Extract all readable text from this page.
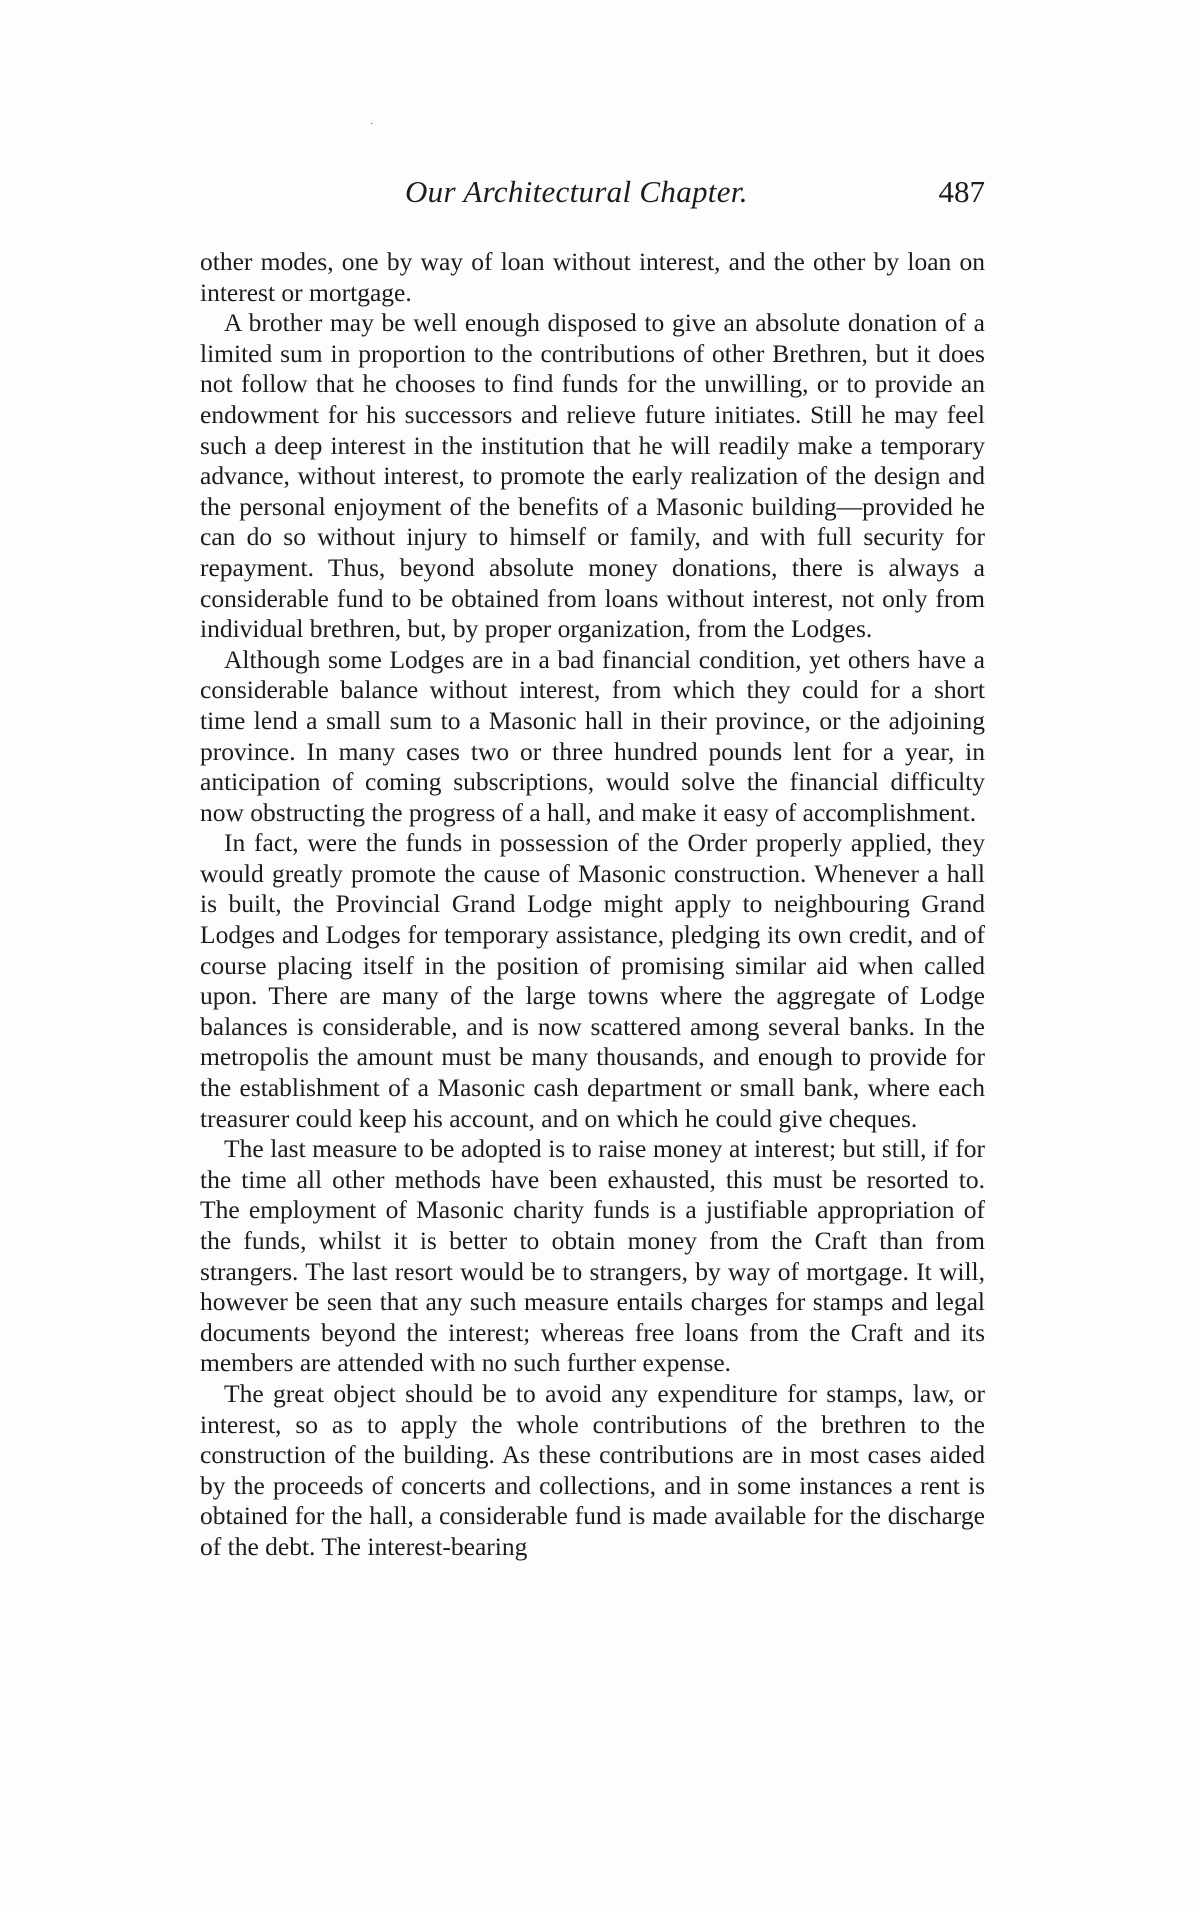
·
Our Architectural Chapter.	487

other modes, one by way of loan without interest, and the other by loan on interest or mortgage.

A brother may be well enough disposed to give an absolute donation of a limited sum in proportion to the contributions of other Brethren, but it does not follow that he chooses to find funds for the unwilling, or to provide an endowment for his successors and relieve future initiates. Still he may feel such a deep interest in the institution that he will readily make a temporary advance, without interest, to promote the early realization of the design and the personal enjoyment of the benefits of a Masonic building—provided he can do so without injury to himself or family, and with full security for repayment. Thus, beyond absolute money donations, there is always a considerable fund to be obtained from loans without interest, not only from individual brethren, but, by proper organization, from the Lodges.

Although some Lodges are in a bad financial condition, yet others have a considerable balance without interest, from which they could for a short time lend a small sum to a Masonic hall in their province, or the adjoining province. In many cases two or three hundred pounds lent for a year, in anticipation of coming subscriptions, would solve the financial difficulty now obstructing the progress of a hall, and make it easy of accomplishment.

In fact, were the funds in possession of the Order properly applied, they would greatly promote the cause of Masonic construction. Whenever a hall is built, the Provincial Grand Lodge might apply to neighbouring Grand Lodges and Lodges for temporary assistance, pledging its own credit, and of course placing itself in the position of promising similar aid when called upon. There are many of the large towns where the aggregate of Lodge balances is considerable, and is now scattered among several banks. In the metropolis the amount must be many thousands, and enough to provide for the establishment of a Masonic cash department or small bank, where each treasurer could keep his account, and on which he could give cheques.

The last measure to be adopted is to raise money at interest; but still, if for the time all other methods have been exhausted, this must be resorted to. The employment of Masonic charity funds is a justifiable appropriation of the funds, whilst it is better to obtain money from the Craft than from strangers. The last resort would be to strangers, by way of mortgage. It will, however be seen that any such measure entails charges for stamps and legal documents beyond the interest; whereas free loans from the Craft and its members are attended with no such further expense.

The great object should be to avoid any expenditure for stamps, law, or interest, so as to apply the whole contributions of the brethren to the construction of the building. As these contributions are in most cases aided by the proceeds of concerts and collections, and in some instances a rent is obtained for the hall, a considerable fund is made available for the discharge of the debt. The interest-bearing
